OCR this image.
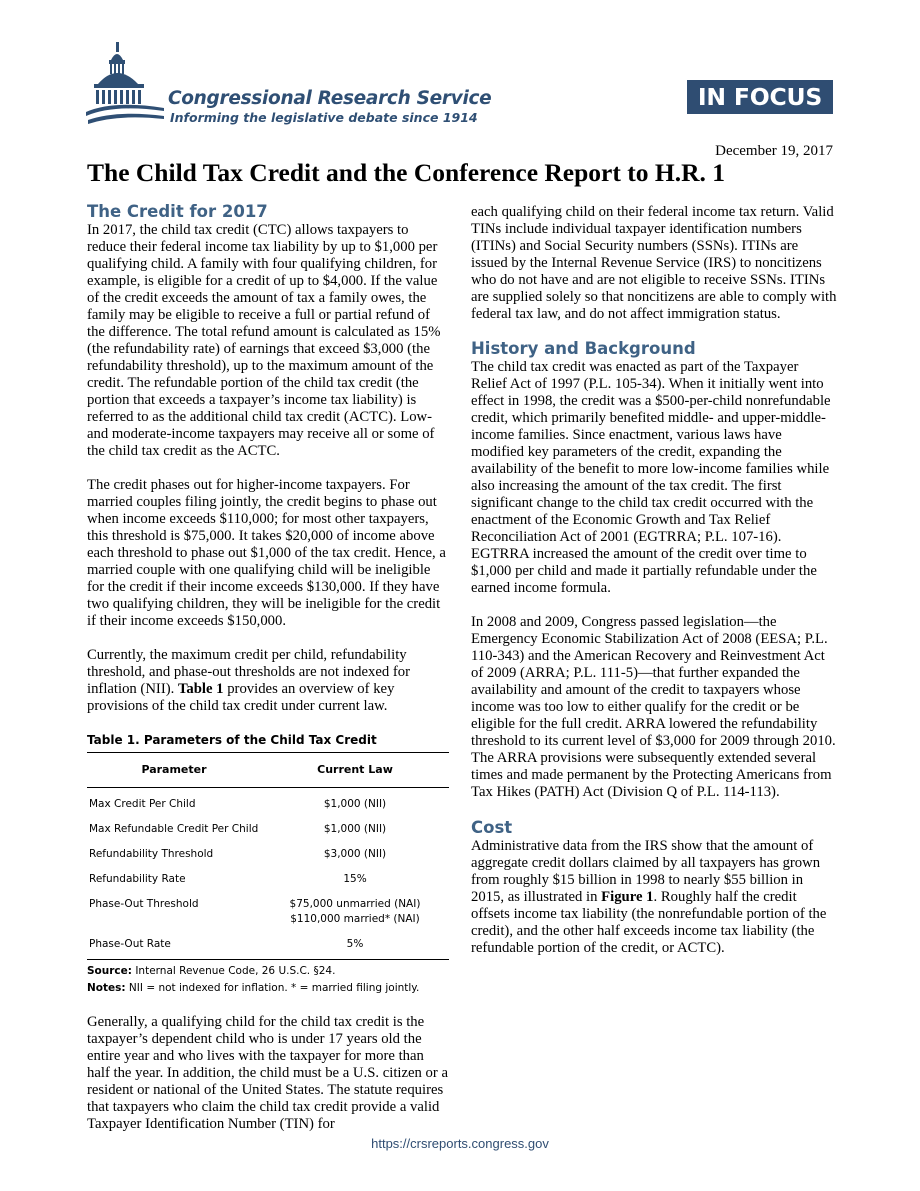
Congressional Research Service
Informing the legislative debate since 1914
IN FOCUS
December 19, 2017
The Child Tax Credit and the Conference Report to H.R. 1
The Credit for 2017

In 2017, the child tax credit (CTC) allows taxpayers to reduce their federal income tax liability by up to $1,000 per qualifying child. A family with four qualifying children, for example, is eligible for a credit of up to $4,000. If the value of the credit exceeds the amount of tax a family owes, the family may be eligible to receive a full or partial refund of the difference. The total refund amount is calculated as 15% (the refundability rate) of earnings that exceed $3,000 (the refundability threshold), up to the maximum amount of the credit. The refundable portion of the child tax credit (the portion that exceeds a taxpayer’s income tax liability) is referred to as the additional child tax credit (ACTC). Low- and moderate-income taxpayers may receive all or some of the child tax credit as the ACTC.

The credit phases out for higher-income taxpayers. For married couples filing jointly, the credit begins to phase out when income exceeds $110,000; for most other taxpayers, this threshold is $75,000. It takes $20,000 of income above each threshold to phase out $1,000 of the tax credit. Hence, a married couple with one qualifying child will be ineligible for the credit if their income exceeds $130,000. If they have two qualifying children, they will be ineligible for the credit if their income exceeds $150,000.

Currently, the maximum credit per child, refundability threshold, and phase-out thresholds are not indexed for inflation (NII). Table 1 provides an overview of key provisions of the child tax credit under current law.

Table 1. Parameters of the Child Tax Credit
Parameter	Current Law
Max Credit Per Child	$1,000 (NII)
Max Refundable Credit Per Child	$1,000 (NII)
Refundability Threshold	$3,000 (NII)
Refundability Rate	15%
Phase-Out Threshold	$75,000 unmarried (NAI)
$110,000 married* (NAI)

Phase-Out Rate	5%
Source: Internal Revenue Code, 26 U.S.C. §24.
Notes: NII = not indexed for inflation. * = married filing jointly.

Generally, a qualifying child for the child tax credit is the taxpayer’s dependent child who is under 17 years old the entire year and who lives with the taxpayer for more than half the year. In addition, the child must be a U.S. citizen or a resident or national of the United States. The statute requires that taxpayers who claim the child tax credit provide a valid Taxpayer Identification Number (TIN) for

each qualifying child on their federal income tax return. Valid TINs include individual taxpayer identification numbers (ITINs) and Social Security numbers (SSNs). ITINs are issued by the Internal Revenue Service (IRS) to noncitizens who do not have and are not eligible to receive SSNs. ITINs are supplied solely so that noncitizens are able to comply with federal tax law, and do not affect immigration status.

History and Background

The child tax credit was enacted as part of the Taxpayer Relief Act of 1997 (P.L. 105-34). When it initially went into effect in 1998, the credit was a $500-per-child nonrefundable credit, which primarily benefited middle- and upper-middle-income families. Since enactment, various laws have modified key parameters of the credit, expanding the availability of the benefit to more low-income families while also increasing the amount of the tax credit. The first significant change to the child tax credit occurred with the enactment of the Economic Growth and Tax Relief Reconciliation Act of 2001 (EGTRRA; P.L. 107-16). EGTRRA increased the amount of the credit over time to $1,000 per child and made it partially refundable under the earned income formula.

In 2008 and 2009, Congress passed legislation—the Emergency Economic Stabilization Act of 2008 (EESA; P.L. 110-343) and the American Recovery and Reinvestment Act of 2009 (ARRA; P.L. 111-5)—that further expanded the availability and amount of the credit to taxpayers whose income was too low to either qualify for the credit or be eligible for the full credit. ARRA lowered the refundability threshold to its current level of $3,000 for 2009 through 2010. The ARRA provisions were subsequently extended several times and made permanent by the Protecting Americans from Tax Hikes (PATH) Act (Division Q of P.L. 114-113).

Cost

Administrative data from the IRS show that the amount of aggregate credit dollars claimed by all taxpayers has grown from roughly $15 billion in 1998 to nearly $55 billion in 2015, as illustrated in Figure 1. Roughly half the credit offsets income tax liability (the nonrefundable portion of the credit), and the other half exceeds income tax liability (the refundable portion of the credit, or ACTC).

https://crsreports.congress.gov
